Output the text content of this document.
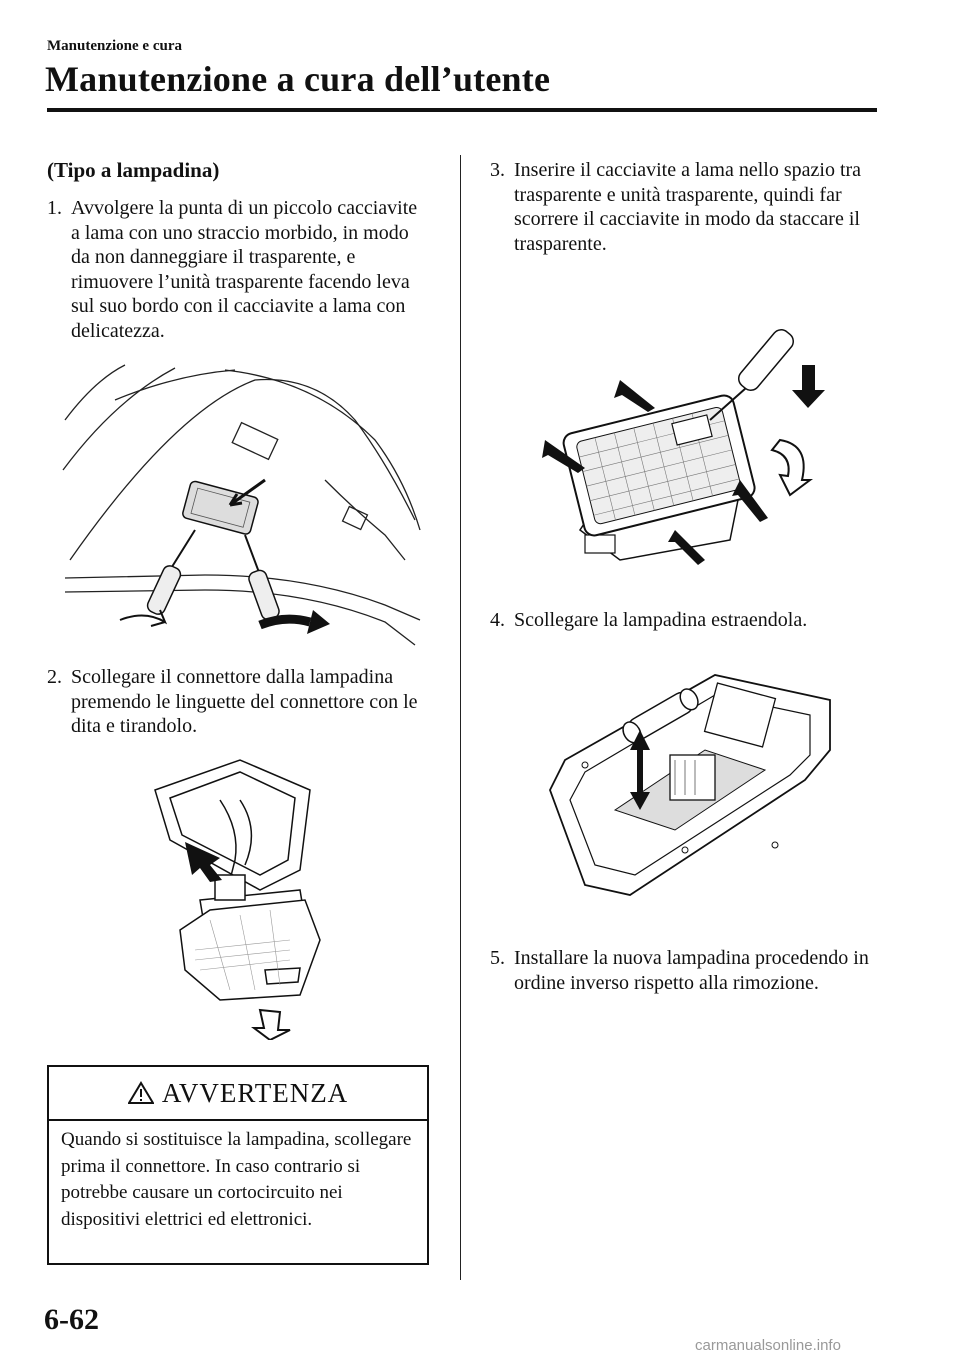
Manutenzione e cura
Manutenzione a cura dell’utente
(Tipo a lampadina)
1. Avvolgere la punta di un piccolo cacciavite a lama con uno straccio morbido, in modo da non danneggiare il trasparente, e rimuovere l’unità trasparente facendo leva sul suo bordo con il cacciavite a lama con delicatezza.
2. Scollegare il connettore dalla lampadina premendo le linguette del connettore con le dita e tirandolo.
AVVERTENZA
Quando si sostituisce la lampadina, scollegare prima il connettore. In caso contrario si potrebbe causare un cortocircuito nei dispositivi elettrici ed elettronici.
3. Inserire il cacciavite a lama nello spazio tra trasparente e unità trasparente, quindi far scorrere il cacciavite in modo da staccare il trasparente.
4. Scollegare la lampadina estraendola.
5. Installare la nuova lampadina procedendo in ordine inverso rispetto alla rimozione.
6-62
carmanualsonline.info
